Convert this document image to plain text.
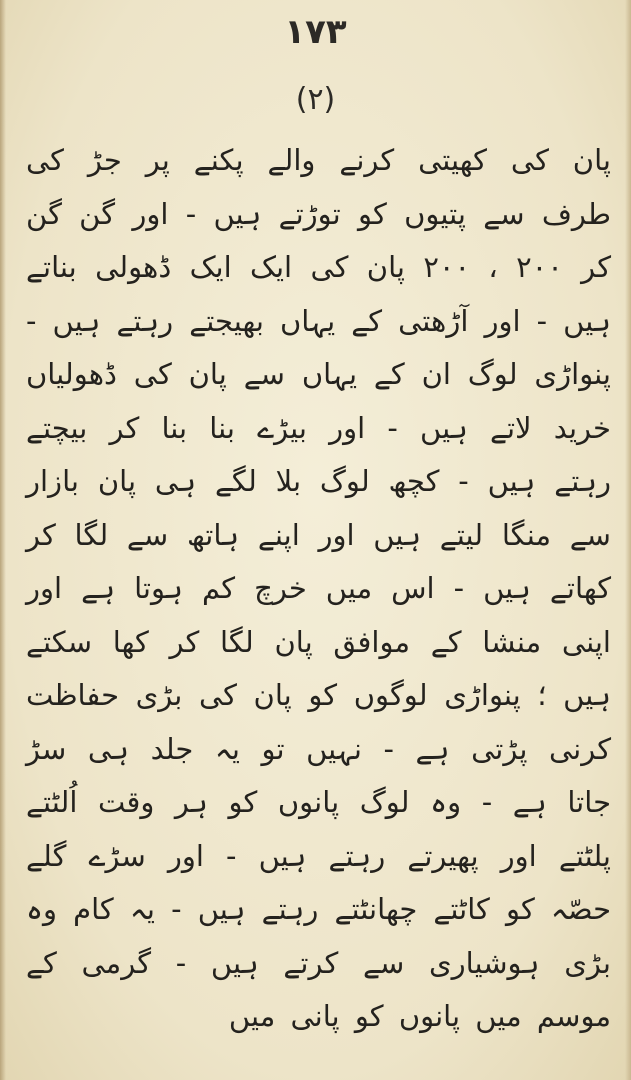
۱۷۳
(۲)
پان کی کھیتی کرنے والے پکنے پر جڑ کی طرف سے پتیوں کو توڑتے ہیں - اور گن گن کر ۲۰۰ ، ۲۰۰ پان کی ایک ایک ڈھولی بناتے ہیں - اور آڑھتی کے یہاں بھیجتے رہتے ہیں - پنواڑی لوگ ان کے یہاں سے پان کی ڈھولیاں خرید لاتے ہیں - اور بیڑے بنا بنا کر بیچتے رہتے ہیں - کچھ لوگ بلا لگے ہی پان بازار سے منگا لیتے ہیں اور اپنے ہاتھ سے لگا کر کھاتے ہیں - اس میں خرچ کم ہوتا ہے اور اپنی منشا کے موافق پان لگا کر کھا سکتے ہیں ؛ پنواڑی لوگوں کو پان کی بڑی حفاظت کرنی پڑتی ہے - نہیں تو یہ جلد ہی سڑ جاتا ہے - وہ لوگ پانوں کو ہر وقت اُلٹتے پلٹتے اور پھیرتے رہتے ہیں - اور سڑے گلے حصّہ کو کاٹتے چھانٹتے رہتے ہیں - یہ کام وہ بڑی ہوشیاری سے کرتے ہیں - گرمی کے موسم میں پانوں کو پانی میں
